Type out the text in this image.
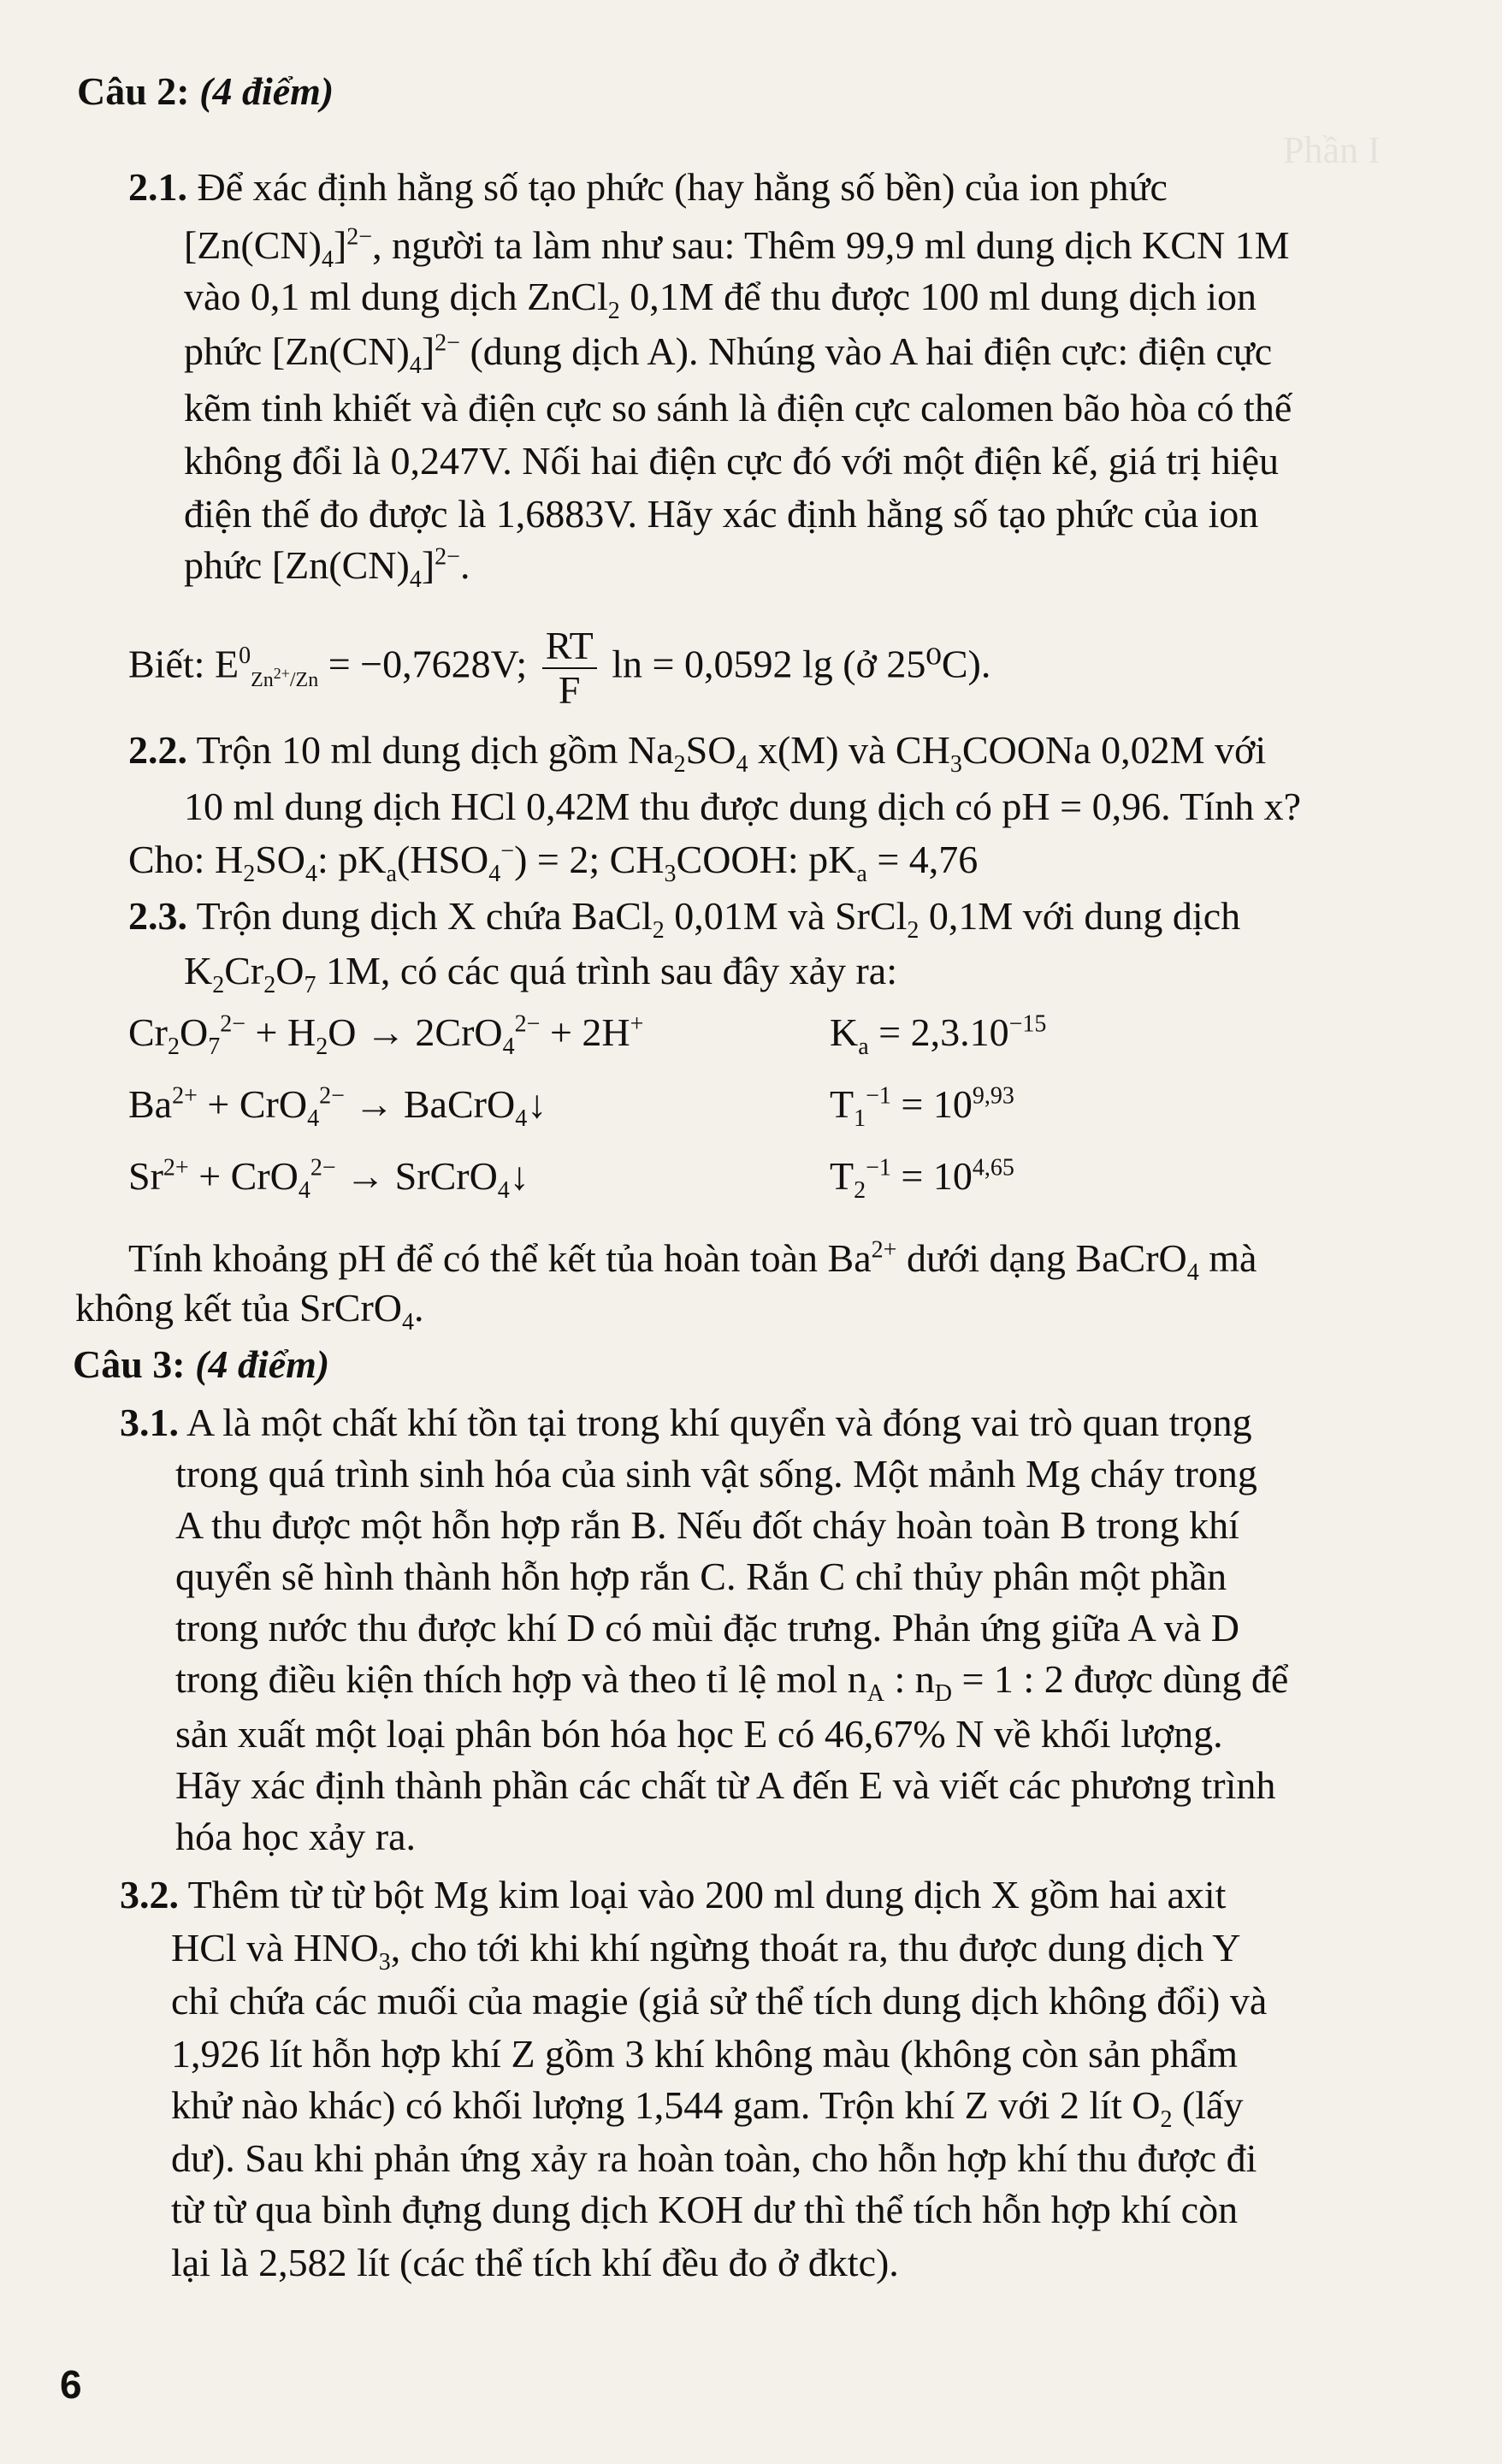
Phần I
Câu 2: (4 điểm)
2.1. Để xác định hằng số tạo phức (hay hằng số bền) của ion phức
$[Zn(CN)_4]^{2-}$, người ta làm như sau: Thêm 99,9 ml dung dịch KCN 1M
vào 0,1 ml dung dịch ZnCl$_2$ 0,1M để thu được 100 ml dung dịch ion
phức $[Zn(CN)_4]^{2-}$ (dung dịch A). Nhúng vào A hai điện cực: điện cực
kẽm tinh khiết và điện cực so sánh là điện cực calomen bão hòa có thế
không đổi là 0,247V. Nối hai điện cực đó với một điện kế, giá trị hiệu
điện thế đo được là 1,6883V. Hãy xác định hằng số tạo phức của ion
phức $[Zn(CN)_4]^{2-}$.
Biết: $E^0_{Zn^{2+}/Zn} = -0,7628V$; $\frac{RT}{F}$ ln = 0,0592 lg (ở 25⁰C).
2.2. Trộn 10 ml dung dịch gồm $Na_2SO_4$ x(M) và $CH_3COONa$ 0,02M với
10 ml dung dịch HCl 0,42M thu được dung dịch có pH = 0,96. Tính x?
Cho: $H_2SO_4$: $pK_a(HSO_4^-) = 2$; $CH_3COOH$: $pK_a = 4,76$
2.3. Trộn dung dịch X chứa BaCl$_2$ 0,01M và SrCl$_2$ 0,1M với dung dịch
$K_2Cr_2O_7$ 1M, có các quá trình sau đây xảy ra:
$Cr_2O_7^{2-} + H_2O \to 2CrO_4^{2-} + 2H^+$	$K_a = 2,3.10^{-15}$
$Ba^{2+} + CrO_4^{2-}$ → BaCrO$_4$↓	$T_1^{-1} = 10^{9,93}$
$Sr^{2+} + CrO_4^{2-}$ → SrCrO$_4$↓	$T_2^{-1} = 10^{4,65}$
Tính khoảng pH để có thể kết tủa hoàn toàn $Ba^{2+}$ dưới dạng BaCrO$_4$ mà
không kết tủa SrCrO$_4$.
Câu 3: (4 điểm)
3.1. A là một chất khí tồn tại trong khí quyển và đóng vai trò quan trọng
trong quá trình sinh hóa của sinh vật sống. Một mảnh Mg cháy trong
A thu được một hỗn hợp rắn B. Nếu đốt cháy hoàn toàn B trong khí
quyển sẽ hình thành hỗn hợp rắn C. Rắn C chỉ thủy phân một phần
trong nước thu được khí D có mùi đặc trưng. Phản ứng giữa A và D
trong điều kiện thích hợp và theo tỉ lệ mol $n_A$ : $n_D = 1$ : 2 được dùng để
sản xuất một loại phân bón hóa học E có 46,67% N về khối lượng.
Hãy xác định thành phần các chất từ A đến E và viết các phương trình
hóa học xảy ra.
3.2. Thêm từ từ bột Mg kim loại vào 200 ml dung dịch X gồm hai axit
HCl và $HNO_3$, cho tới khi khí ngừng thoát ra, thu được dung dịch Y
chỉ chứa các muối của magie (giả sử thể tích dung dịch không đổi) và
1,926 lít hỗn hợp khí Z gồm 3 khí không màu (không còn sản phẩm
khử nào khác) có khối lượng 1,544 gam. Trộn khí Z với 2 lít $O_2$ (lấy
dư). Sau khi phản ứng xảy ra hoàn toàn, cho hỗn hợp khí thu được đi
từ từ qua bình đựng dung dịch KOH dư thì thể tích hỗn hợp khí còn
lại là 2,582 lít (các thể tích khí đều đo ở đktc).
6
